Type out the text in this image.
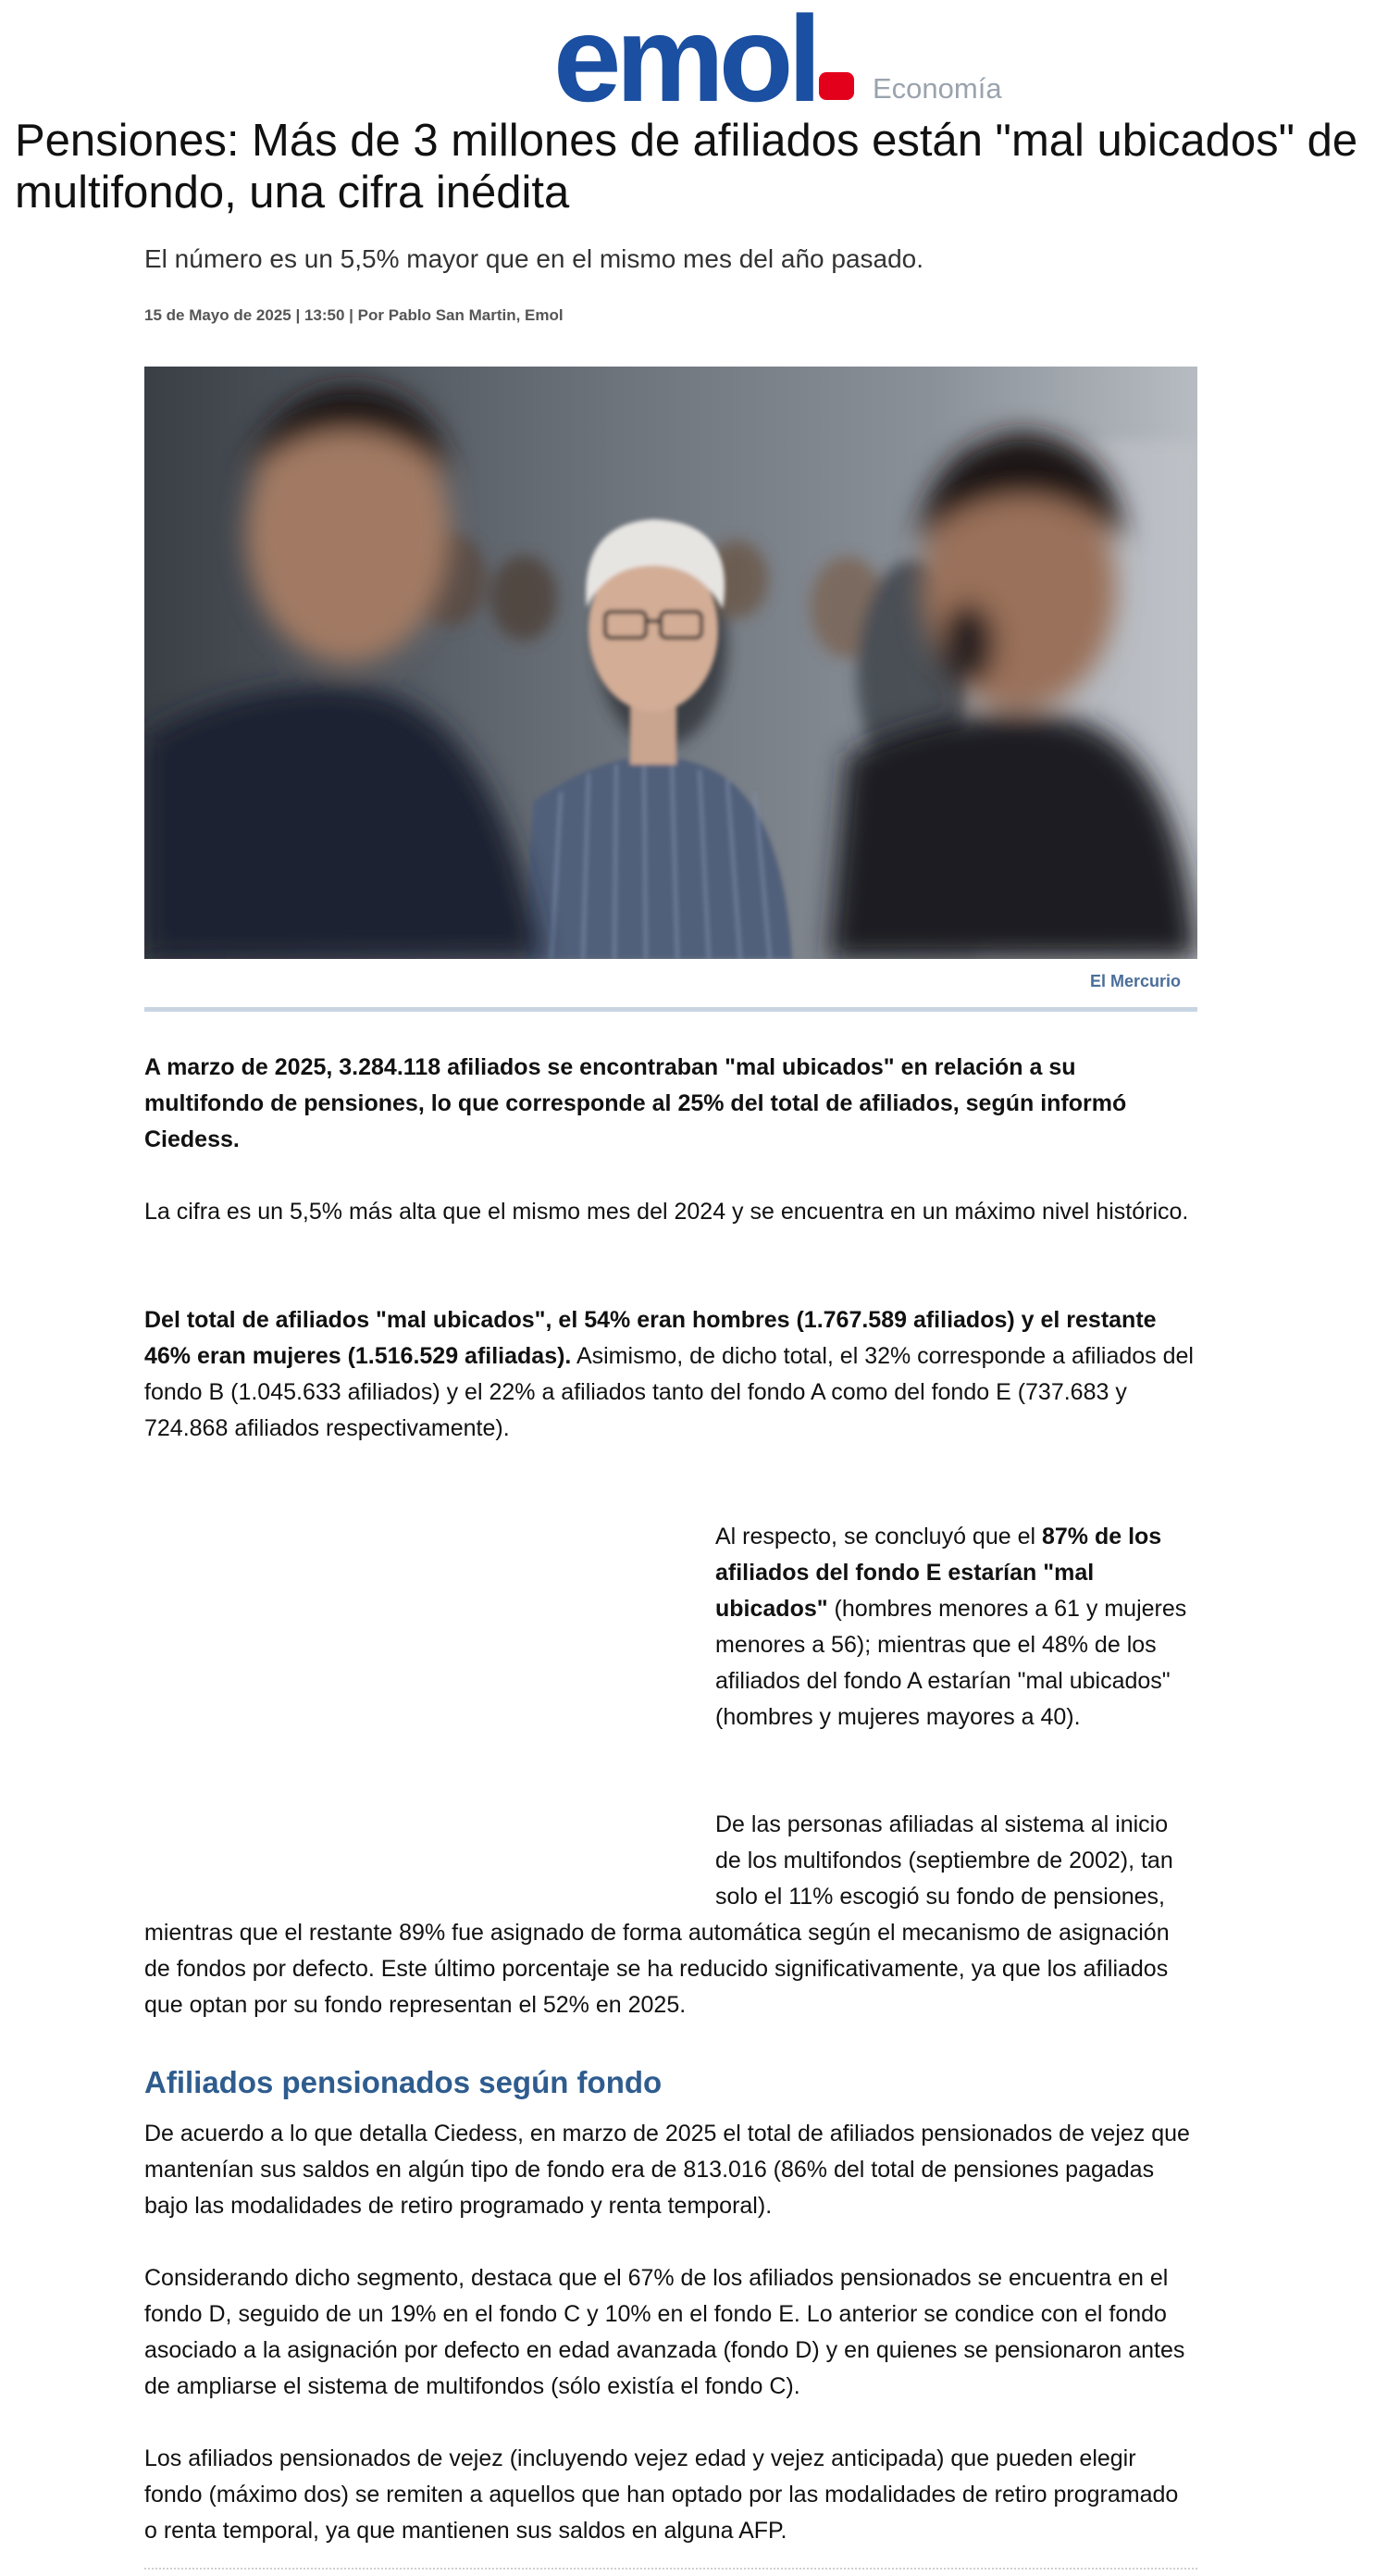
emol Economía
Pensiones: Más de 3 millones de afiliados están "mal ubicados" de multifondo, una cifra inédita

El número es un 5,5% mayor que en el mismo mes del año pasado.

15 de Mayo de 2025 | 13:50 | Por Pablo San Martin, Emol
El Mercurio

A marzo de 2025, 3.284.118 afiliados se encontraban "mal ubicados" en relación a su multifondo de pensiones, lo que corresponde al 25% del total de afiliados, según informó Ciedess.

La cifra es un 5,5% más alta que el mismo mes del 2024 y se encuentra en un máximo nivel histórico.

Del total de afiliados "mal ubicados", el 54% eran hombres (1.767.589 afiliados) y el restante 46% eran mujeres (1.516.529 afiliadas). Asimismo, de dicho total, el 32% corresponde a afiliados del fondo B (1.045.633 afiliados) y el 22% a afiliados tanto del fondo A como del fondo E (737.683 y 724.868 afiliados respectivamente).

Al respecto, se concluyó que el 87% de los afiliados del fondo E estarían "mal ubicados" (hombres menores a 61 y mujeres menores a 56); mientras que el 48% de los afiliados del fondo A estarían "mal ubicados" (hombres y mujeres mayores a 40).

De las personas afiliadas al sistema al inicio de los multifondos (septiembre de 2002), tan solo el 11% escogió su fondo de pensiones,

mientras que el restante 89% fue asignado de forma automática según el mecanismo de asignación de fondos por defecto. Este último porcentaje se ha reducido significativamente, ya que los afiliados que optan por su fondo representan el 52% en 2025.

Afiliados pensionados según fondo

De acuerdo a lo que detalla Ciedess, en marzo de 2025 el total de afiliados pensionados de vejez que mantenían sus saldos en algún tipo de fondo era de 813.016 (86% del total de pensiones pagadas bajo las modalidades de retiro programado y renta temporal).

Considerando dicho segmento, destaca que el 67% de los afiliados pensionados se encuentra en el fondo D, seguido de un 19% en el fondo C y 10% en el fondo E. Lo anterior se condice con el fondo asociado a la asignación por defecto en edad avanzada (fondo D) y en quienes se pensionaron antes de ampliarse el sistema de multifondos (sólo existía el fondo C).

Los afiliados pensionados de vejez (incluyendo vejez edad y vejez anticipada) que pueden elegir fondo (máximo dos) se remiten a aquellos que han optado por las modalidades de retiro programado o renta temporal, ya que mantienen sus saldos en alguna AFP.
